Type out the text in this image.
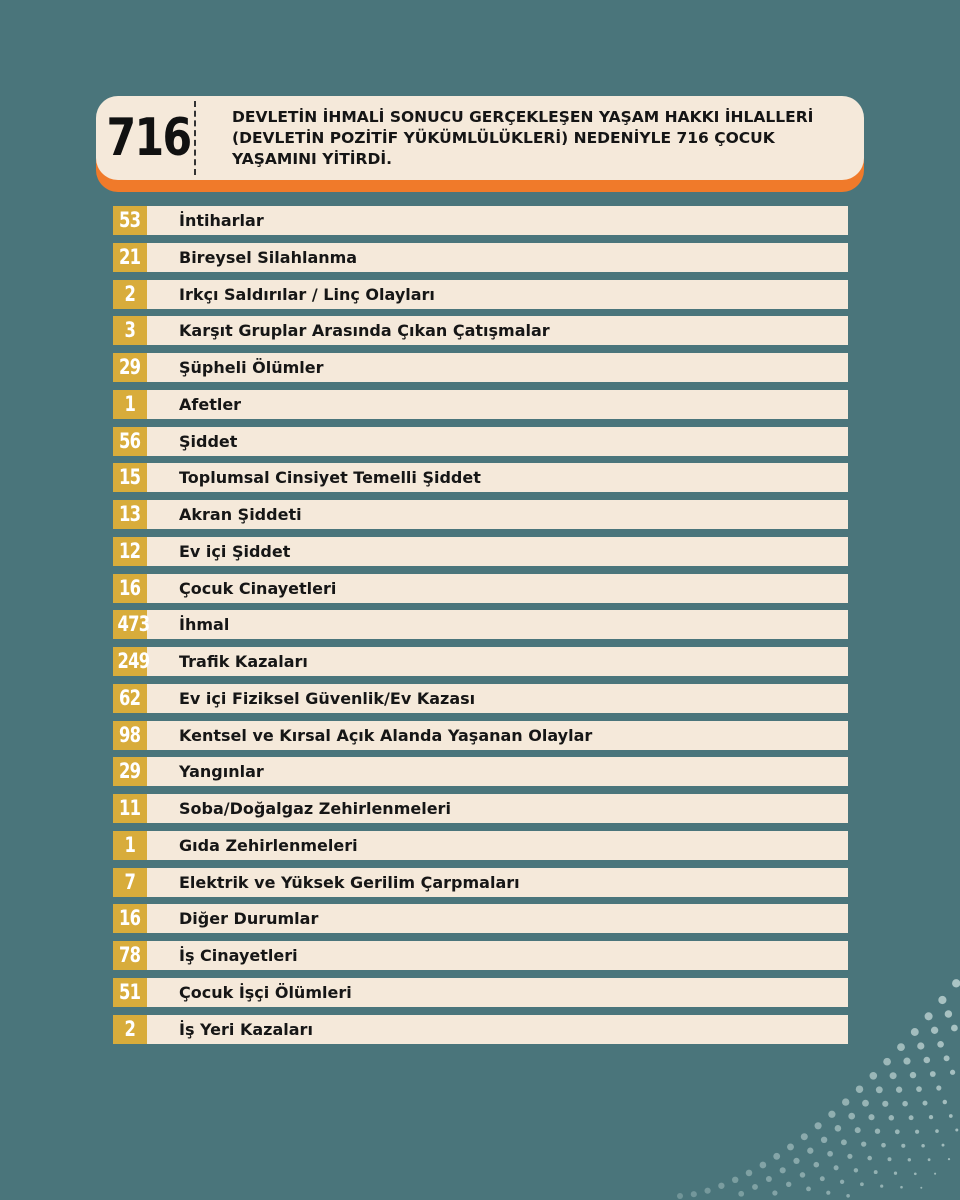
716	DEVLETİN İHMALİ SONUCU GERÇEKLEŞEN YAŞAM HAKKI İHLALLERİ (DEVLETİN POZİTİF YÜKÜMLÜLÜKLERİ) NEDENİYLE 716 ÇOCUK YAŞAMINI YİTİRDİ.
53	İntiharlar
21	Bireysel Silahlanma
2	Irkçı Saldırılar / Linç Olayları
3	Karşıt Gruplar Arasında Çıkan Çatışmalar
29	Şüpheli Ölümler
1	Afetler
56	Şiddet
15	Toplumsal Cinsiyet Temelli Şiddet
13	Akran Şiddeti
12	Ev içi Şiddet
16	Çocuk Cinayetleri
473	İhmal
249	Trafik Kazaları
62	Ev içi Fiziksel Güvenlik/Ev Kazası
98	Kentsel ve Kırsal Açık Alanda Yaşanan Olaylar
29	Yangınlar
11	Soba/Doğalgaz Zehirlenmeleri
1	Gıda Zehirlenmeleri
7	Elektrik ve Yüksek Gerilim Çarpmaları
16	Diğer Durumlar
78	İş Cinayetleri
51	Çocuk İşçi Ölümleri
2	İş Yeri Kazaları
